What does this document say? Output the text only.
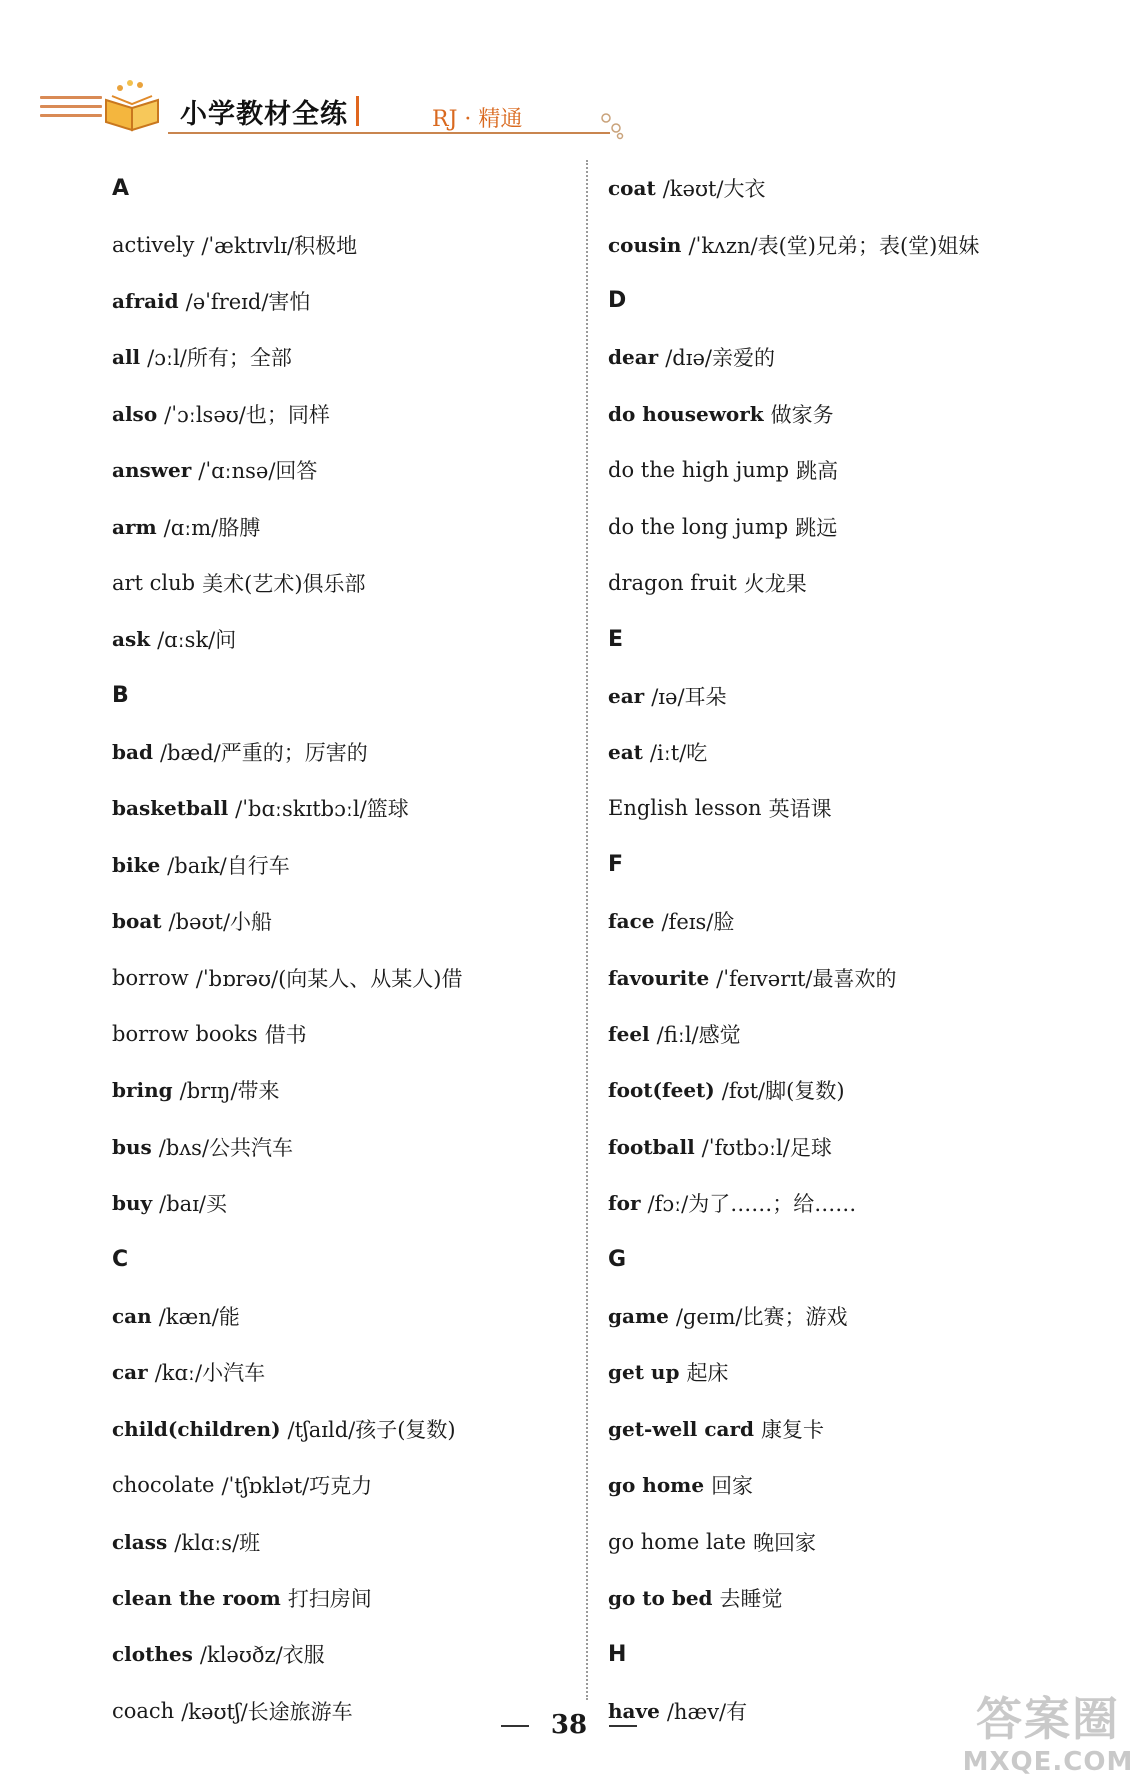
小学教材全练	RJ · 精通
A
actively /ˈæktɪvlɪ/积极地
afraid /əˈfreɪd/害怕
all /ɔːl/所有；全部
also /ˈɔːlsəʊ/也；同样
answer /ˈɑːnsə/回答
arm /ɑːm/胳膊
art club 美术(艺术)俱乐部
ask /ɑːsk/问
B
bad /bæd/严重的；厉害的
basketball /ˈbɑːskɪtbɔːl/篮球
bike /baɪk/自行车
boat /bəʊt/小船
borrow /ˈbɒrəʊ/(向某人、从某人)借
borrow books 借书
bring /brɪŋ/带来
bus /bʌs/公共汽车
buy /baɪ/买
C
can /kæn/能
car /kɑː/小汽车
child(children) /tʃaɪld/孩子(复数)
chocolate /ˈtʃɒklət/巧克力
class /klɑːs/班
clean the room 打扫房间
clothes /kləʊðz/衣服
coach /kəʊtʃ/长途旅游车
coat /kəʊt/大衣
cousin /ˈkʌzn/表(堂)兄弟；表(堂)姐妹
D
dear /dɪə/亲爱的
do housework 做家务
do the high jump 跳高
do the long jump 跳远
dragon fruit 火龙果
E
ear /ɪə/耳朵
eat /iːt/吃
English lesson 英语课
F
face /feɪs/脸
favourite /ˈfeɪvərɪt/最喜欢的
feel /fiːl/感觉
foot(feet) /fʊt/脚(复数)
football /ˈfʊtbɔːl/足球
for /fɔː/为了……；给……
G
game /ɡeɪm/比赛；游戏
get up 起床
get-well card 康复卡
go home 回家
go home late 晚回家
go to bed 去睡觉
H
have /hæv/有
38	答案圈
MXQE.COM
